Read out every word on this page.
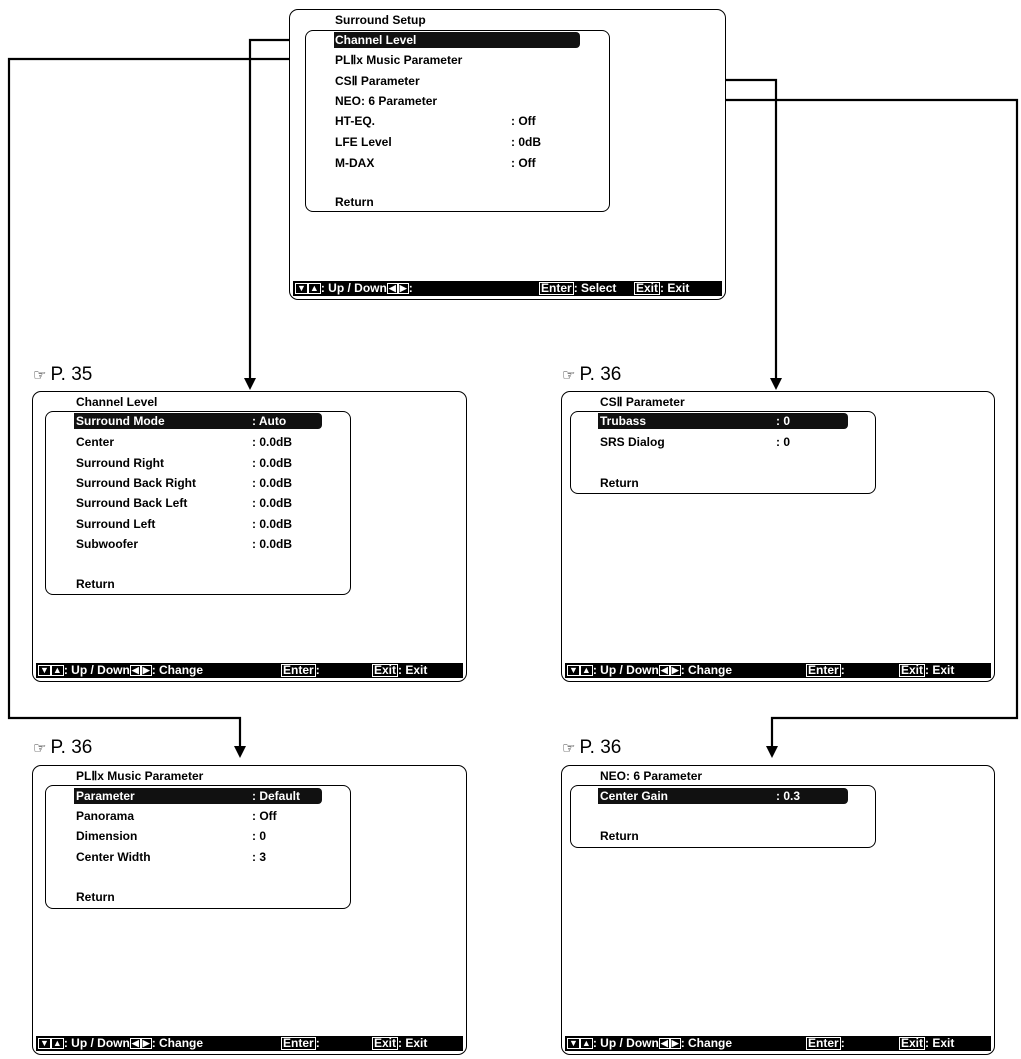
Surround Setup
Channel Level
PLⅡx Music Parameter
CSⅡ Parameter
NEO: 6 Parameter
HT-EQ.	: Off
LFE Level	: 0dB
M-DAX	: Off
Return
▼ ▲ : Up / Down ◀ ▶ :	Enter : Select Exit : Exit
☞ P. 35	☞ P. 36
☞ P. 36	☞ P. 36
Channel Level
Surround Mode	: Auto
Center	: 0.0dB
Surround Right	: 0.0dB
Surround Back Right	: 0.0dB
Surround Back Left	: 0.0dB
Surround Left	: 0.0dB
Subwoofer	: 0.0dB
Return
▼ ▲ : Up / Down ◀ ▶ : Change	Enter :	Exit : Exit
CSⅡ Parameter
Trubass	: 0
SRS Dialog	: 0
Return
▼ ▲ : Up / Down ◀ ▶ : Change	Enter :	Exit : Exit
PLⅡx Music Parameter
Parameter	: Default
Panorama	: Off
Dimension	: 0
Center Width	: 3
Return
▼ ▲ : Up / Down ◀ ▶ : Change	Enter :	Exit : Exit
NEO: 6 Parameter
Center Gain	: 0.3
Return
▼ ▲ : Up / Down ◀ ▶ : Change	Enter :	Exit : Exit
